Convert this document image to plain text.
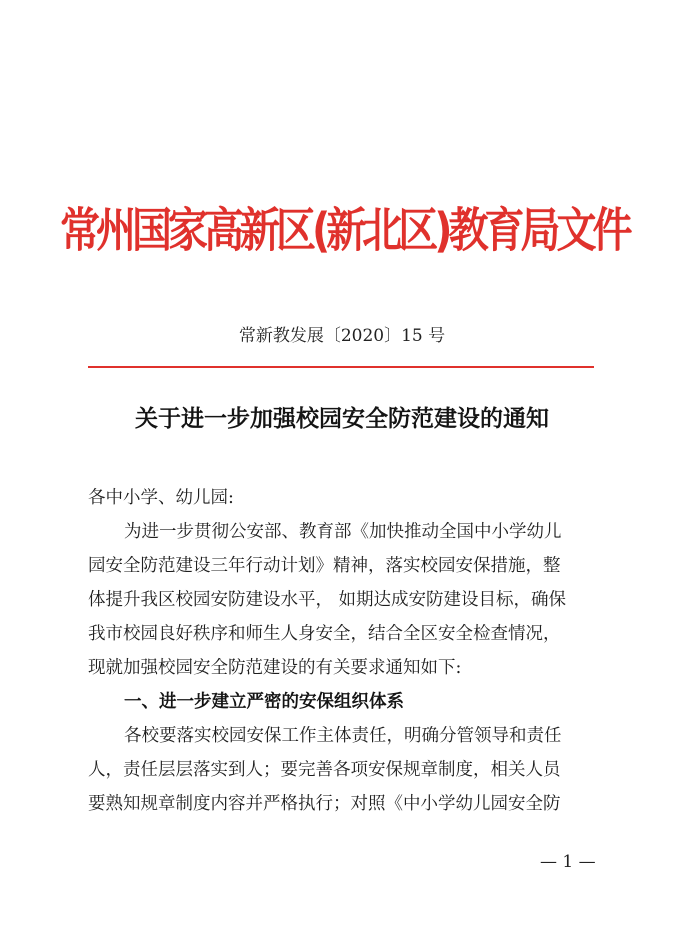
常州国家高新区(新北区)教育局文件
常新教发展〔2020〕15 号
关于进一步加强校园安全防范建设的通知
各中小学、幼儿园:
为进一步贯彻公安部、教育部《加快推动全国中小学幼儿
园安全防范建设三年行动计划》精神，落实校园安保措施，整
体提升我区校园安防建设水平， 如期达成安防建设目标，确保
我市校园良好秩序和师生人身安全，结合全区安全检查情况，
现就加强校园安全防范建设的有关要求通知如下:
一、进一步建立严密的安保组织体系
各校要落实校园安保工作主体责任，明确分管领导和责任
人，责任层层落实到人；要完善各项安保规章制度，相关人员
要熟知规章制度内容并严格执行；对照《中小学幼儿园安全防
— 1 —
